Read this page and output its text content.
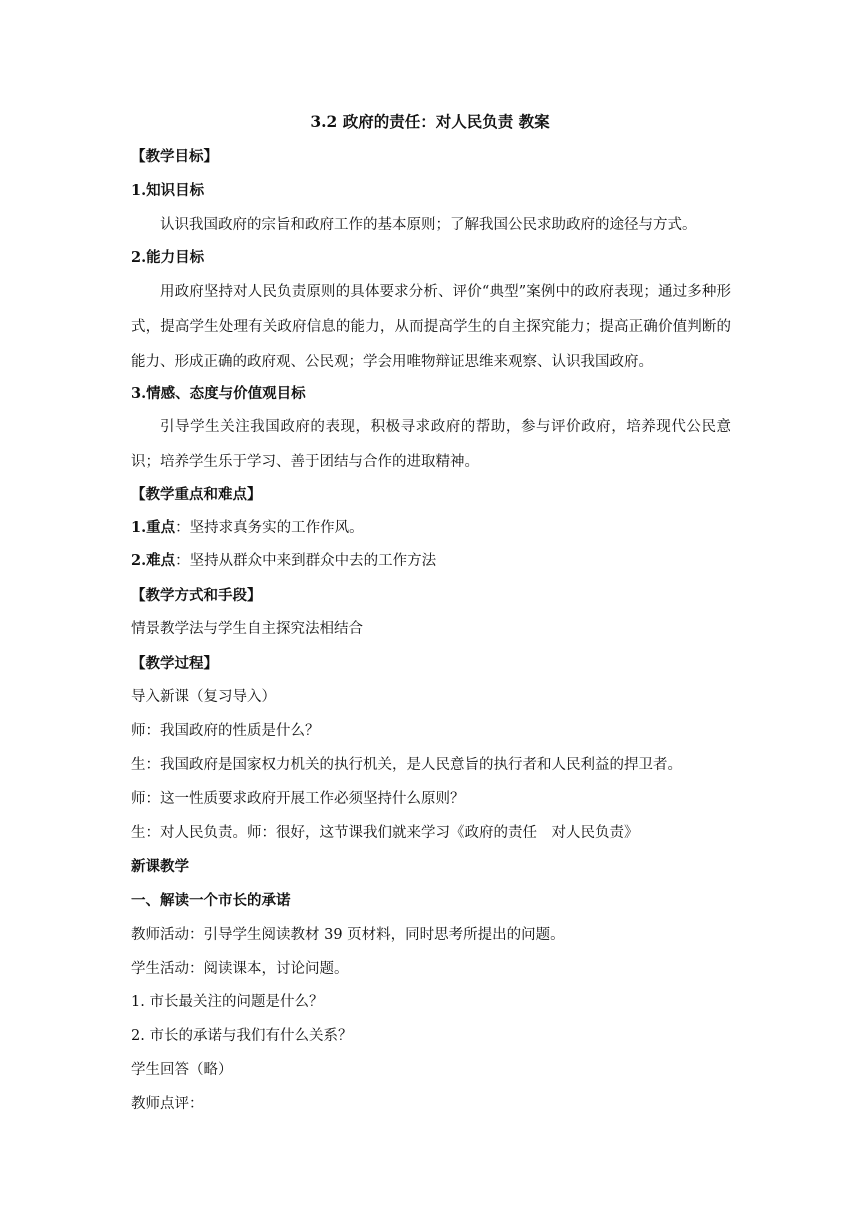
3.2 政府的责任：对人民负责 教案
【教学目标】
1.知识目标
认识我国政府的宗旨和政府工作的基本原则；了解我国公民求助政府的途径与方式。
2.能力目标
用政府坚持对人民负责原则的具体要求分析、评价“典型”案例中的政府表现；通过多种形式，提高学生处理有关政府信息的能力，从而提高学生的自主探究能力；提高正确价值判断的能力、形成正确的政府观、公民观；学会用唯物辩证思维来观察、认识我国政府。
3.情感、态度与价值观目标
引导学生关注我国政府的表现，积极寻求政府的帮助，参与评价政府，培养现代公民意识；培养学生乐于学习、善于团结与合作的进取精神。
【教学重点和难点】
1.重点：坚持求真务实的工作作风。
2.难点：坚持从群众中来到群众中去的工作方法
【教学方式和手段】
情景教学法与学生自主探究法相结合
【教学过程】
导入新课（复习导入）
师：我国政府的性质是什么？
生：我国政府是国家权力机关的执行机关，是人民意旨的执行者和人民利益的捍卫者。
师：这一性质要求政府开展工作必须坚持什么原则？
生：对人民负责。师：很好，这节课我们就来学习《政府的责任　对人民负责》
新课教学
一、解读一个市长的承诺
教师活动：引导学生阅读教材 39 页材料，同时思考所提出的问题。
学生活动：阅读课本，讨论问题。
1. 市长最关注的问题是什么？
2. 市长的承诺与我们有什么关系？
学生回答（略）
教师点评：
